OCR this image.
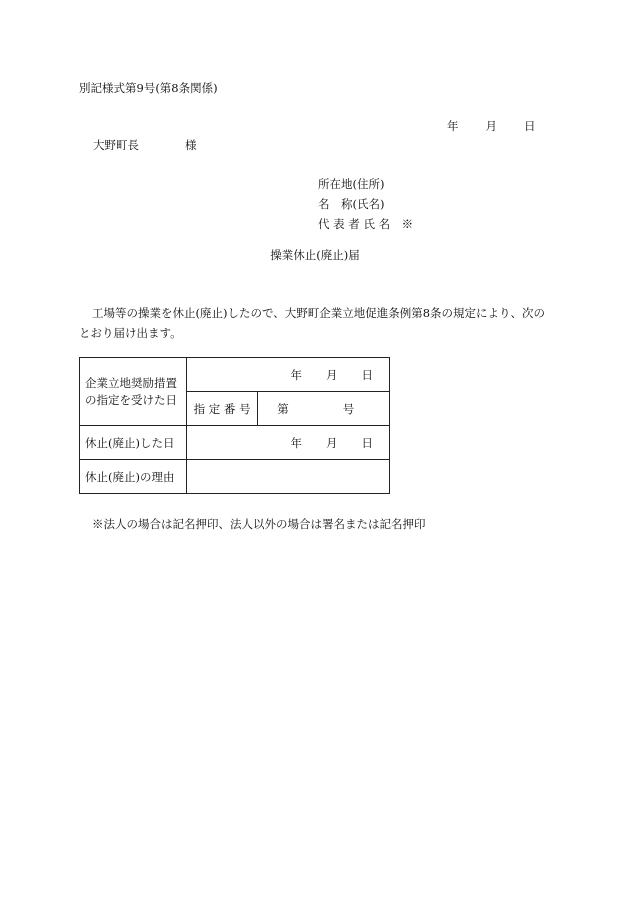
別記様式第9号(第8条関係)
年 月 日
大野町長	様
所在地(住所)
名　称(氏名)
代 表 者 氏 名　※
操業休止(廃止)届
工場等の操業を休止(廃止)したので、大野町企業立地促進条例第8条の規定により、次のとおり届け出ます。
企業立地奨励措置の指定を受けた日	年 月 日	
	指 定 番 号	第 号
休止(廃止)した日	年 月 日	
休止(廃止)の理由		
※法人の場合は記名押印、法人以外の場合は署名または記名押印
